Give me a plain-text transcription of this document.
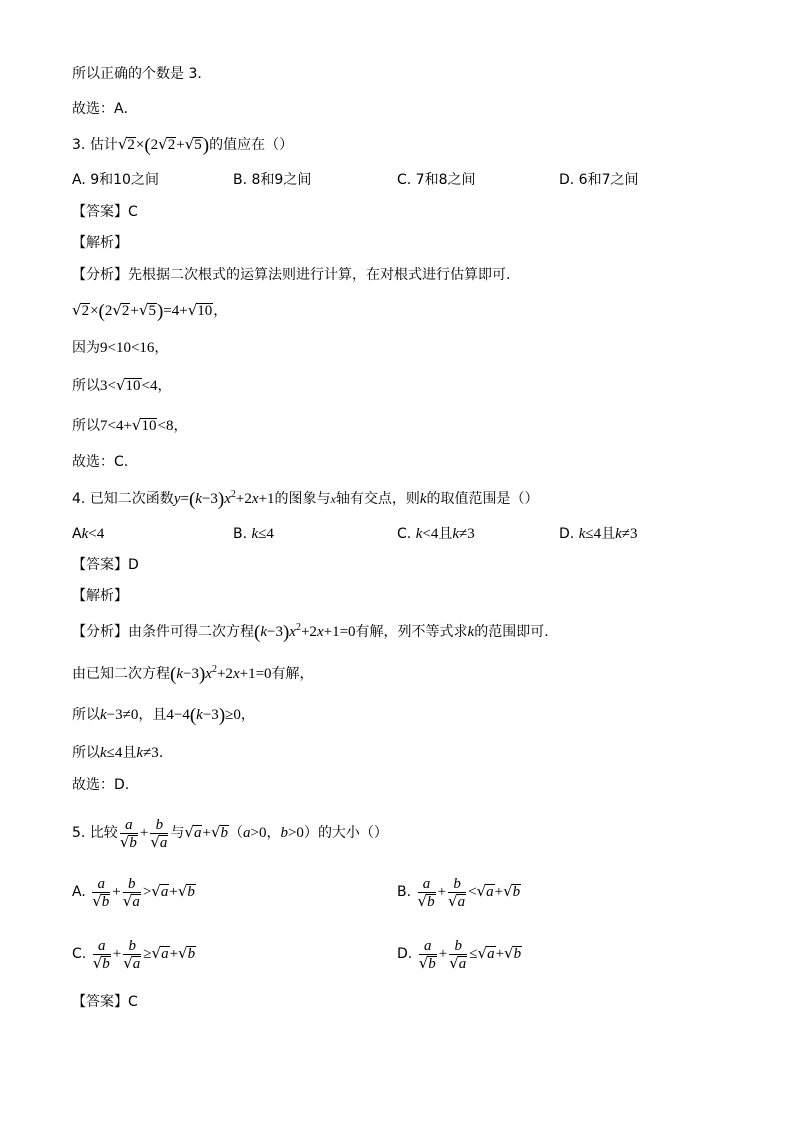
所以正确的个数是 3．
故选：A．
3. 估计√2×(2√2+√5)的值应在（）
A. 9和10之间	B. 8和9之间	C. 7和8之间	D. 6和7之间
【答案】C
【解析】
【分析】先根据二次根式的运算法则进行计算，在对根式进行估算即可.
√2×(2√2+√5)=4+√10，
因为9<10<16，
所以3<√10<4，
所以7<4+√10<8，
故选：C.
4. 已知二次函数$y=(k-3)x^2+2x+1$的图象与x轴有交点，则k的取值范围是（）
Ak<4	B. k≤4	C. k<4且k≠3	D. k≤4且k≠3
【答案】D
【解析】
【分析】由条件可得二次方程$(k-3)x^2+2x+1=0$有解，列不等式求k的范围即可.
由已知二次方程$(k-3)x^2+2x+1=0$有解，
所以k−3≠0，且4−4(k−3)≥0，
所以k≤4且k≠3.
故选：D.
5. 比较 $\frac{a}{√b} + \frac{b}{√a}$ 与√a+√b（a>0，b>0）的大小（）
A. $\frac{a}{√b} + \frac{b}{√a} >√a+√b$	B. $\frac{a}{√b} + \frac{b}{√a} <√a+√b$
C. $\frac{a}{√b} + \frac{b}{√a} \ge√a+√b$	D. $\frac{a}{√b} + \frac{b}{√a} \le√a+√b$
【答案】C
